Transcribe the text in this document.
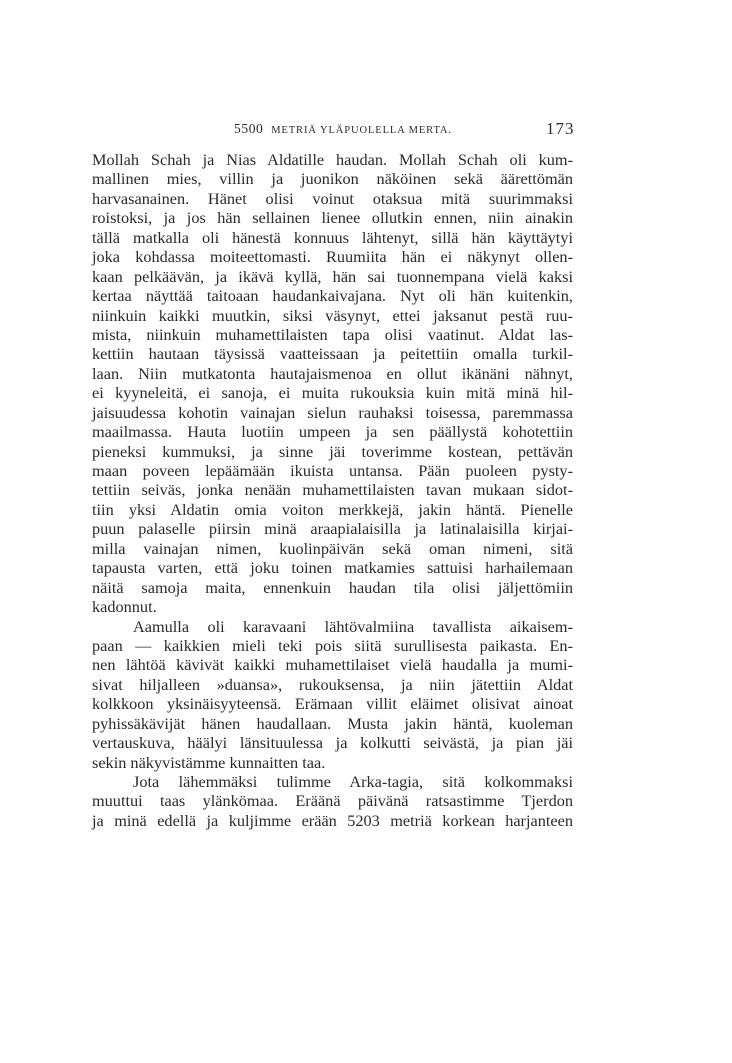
5500 METRIÄ YLÄPUOLELLA MERTA.	173
Mollah Schah ja Nias Aldatille haudan. Mollah Schah oli kum-
mallinen mies, villin ja juonikon näköinen sekä äärettömän
harvasanainen. Hänet olisi voinut otaksua mitä suurimmaksi
roistoksi, ja jos hän sellainen lienee ollutkin ennen, niin ainakin
tällä matkalla oli hänestä konnuus lähtenyt, sillä hän käyttäytyi
joka kohdassa moiteettomasti. Ruumiita hän ei näkynyt ollen-
kaan pelkäävän, ja ikävä kyllä, hän sai tuonnempana vielä kaksi
kertaa näyttää taitoaan haudankaivajana. Nyt oli hän kuitenkin,
niinkuin kaikki muutkin, siksi väsynyt, ettei jaksanut pestä ruu-
mista, niinkuin muhamettilaisten tapa olisi vaatinut. Aldat las-
kettiin hautaan täysissä vaatteissaan ja peitettiin omalla turkil-
laan. Niin mutkatonta hautajaismenoa en ollut ikänäni nähnyt,
ei kyyneleitä, ei sanoja, ei muita rukouksia kuin mitä minä hil-
jaisuudessa kohotin vainajan sielun rauhaksi toisessa, paremmassa
maailmassa. Hauta luotiin umpeen ja sen päällystä kohotettiin
pieneksi kummuksi, ja sinne jäi toverimme kostean, pettävän
maan poveen lepäämään ikuista untansa. Pään puoleen pysty-
tettiin seiväs, jonka nenään muhamettilaisten tavan mukaan sidot-
tiin yksi Aldatin omia voiton merkkejä, jakin häntä. Pienelle
puun palaselle piirsin minä araapialaisilla ja latinalaisilla kirjai-
milla vainajan nimen, kuolinpäivän sekä oman nimeni, sitä
tapausta varten, että joku toinen matkamies sattuisi harhailemaan
näitä samoja maita, ennenkuin haudan tila olisi jäljettömiin
kadonnut.
Aamulla oli karavaani lähtövalmiina tavallista aikaisem-
paan — kaikkien mieli teki pois siitä surullisesta paikasta. En-
nen lähtöä kävivät kaikki muhamettilaiset vielä haudalla ja mumi-
sivat hiljalleen »duansa», rukouksensa, ja niin jätettiin Aldat
kolkkoon yksinäisyyteensä. Erämaan villit eläimet olisivat ainoat
pyhissäkävijät hänen haudallaan. Musta jakin häntä, kuoleman
vertauskuva, häälyi länsituulessa ja kolkutti seivästä, ja pian jäi
sekin näkyvistämme kunnaitten taa.
Jota lähemmäksi tulimme Arka-tagia, sitä kolkommaksi
muuttui taas ylänkömaa. Eräänä päivänä ratsastimme Tjerdon
ja minä edellä ja kuljimme erään 5203 metriä korkean harjanteen
